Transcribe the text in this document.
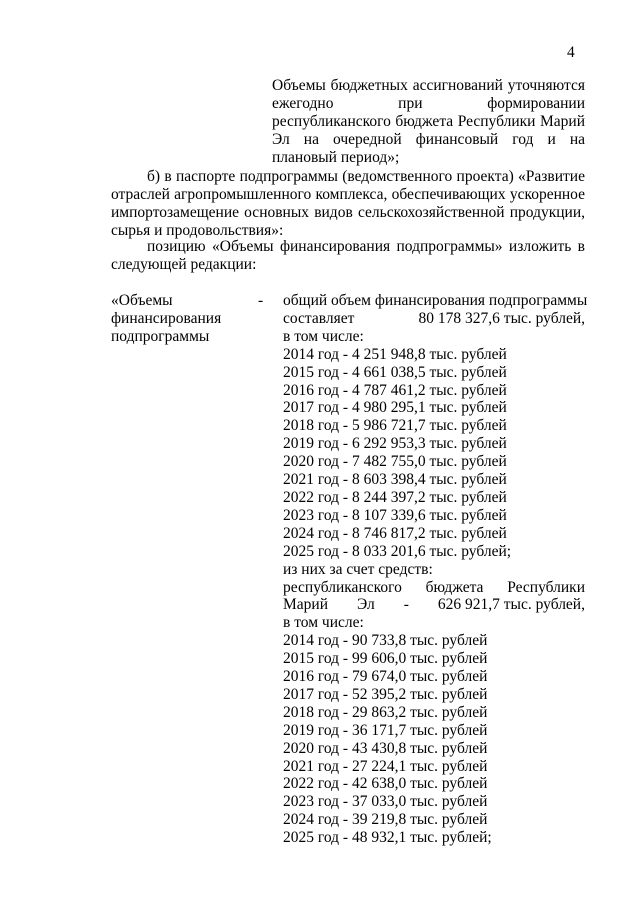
4
Объемы бюджетных ассигнований уточняются ежегодно при формировании республиканского бюджета Республики Марий Эл на очередной финансовый год и на плановый период»;
б) в паспорте подпрограммы (ведомственного проекта) «Развитие отраслей агропромышленного комплекса, обеспечивающих ускоренное импортозамещение основных видов сельскохозяйственной продукции, сырья и продовольствия»:
позицию «Объемы финансирования подпрограммы» изложить в следующей редакции:
«Объемы
финансирования
подпрограммы
- общий объем финансирования подпрограммы
составляет	80 178 327,6 тыс. рублей,
в том числе:
2014 год - 4 251 948,8 тыс. рублей
2015 год - 4 661 038,5 тыс. рублей
2016 год - 4 787 461,2 тыс. рублей
2017 год - 4 980 295,1 тыс. рублей
2018 год - 5 986 721,7 тыс. рублей
2019 год - 6 292 953,3 тыс. рублей
2020 год - 7 482 755,0 тыс. рублей
2021 год - 8 603 398,4 тыс. рублей
2022 год - 8 244 397,2 тыс. рублей
2023 год - 8 107 339,6 тыс. рублей
2024 год - 8 746 817,2 тыс. рублей
2025 год - 8 033 201,6 тыс. рублей;
из них за счет средств:
республиканского бюджета Республики
Марий Эл - 626 921,7 тыс. рублей,
в том числе:
2014 год - 90 733,8 тыс. рублей
2015 год - 99 606,0 тыс. рублей
2016 год - 79 674,0 тыс. рублей
2017 год - 52 395,2 тыс. рублей
2018 год - 29 863,2 тыс. рублей
2019 год - 36 171,7 тыс. рублей
2020 год - 43 430,8 тыс. рублей
2021 год - 27 224,1 тыс. рублей
2022 год - 42 638,0 тыс. рублей
2023 год - 37 033,0 тыс. рублей
2024 год - 39 219,8 тыс. рублей
2025 год - 48 932,1 тыс. рублей;
